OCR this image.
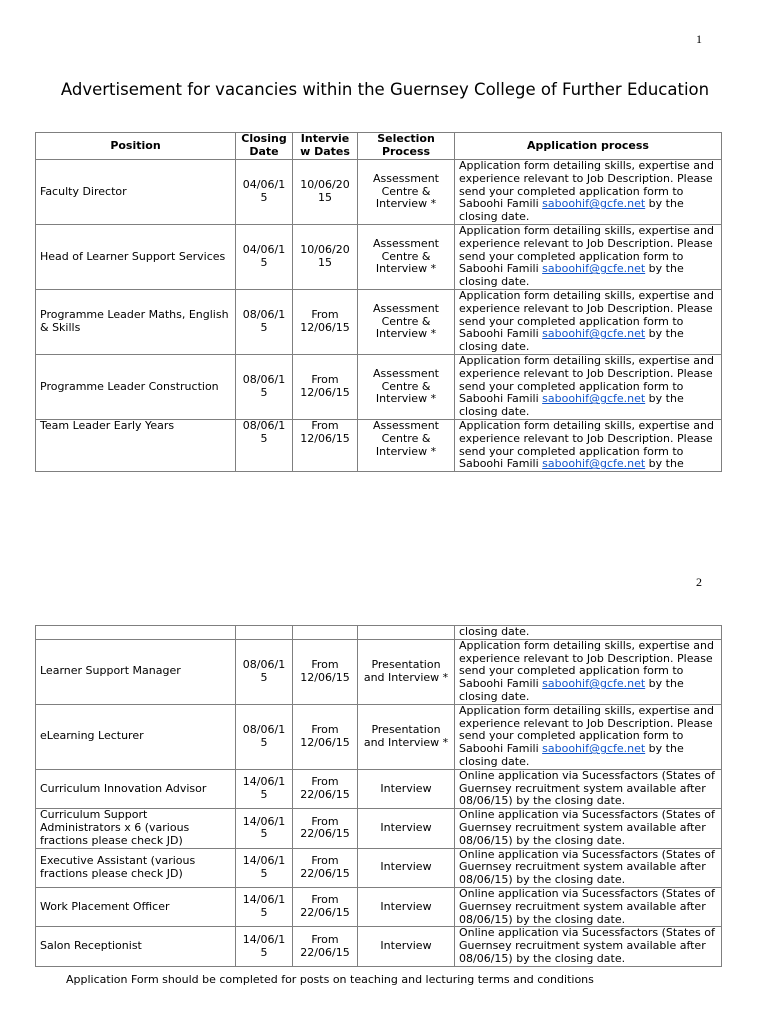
1
Advertisement for vacancies within the Guernsey College of Further Education
Position	Closing Date	Intervie w Dates	Selection Process	Application process
Faculty Director	04/06/1 5	10/06/20 15	Assessment Centre & Interview *	Application form detailing skills, expertise and experience relevant to Job Description. Please send your completed application form to Saboohi Famili saboohif@gcfe.net by the closing date.
Head of Learner Support Services	04/06/1 5	10/06/20 15	Assessment Centre & Interview *	Application form detailing skills, expertise and experience relevant to Job Description. Please send your completed application form to Saboohi Famili saboohif@gcfe.net by the closing date.
Programme Leader Maths, English & Skills	08/06/1 5	From 12/06/15	Assessment Centre & Interview *	Application form detailing skills, expertise and experience relevant to Job Description. Please send your completed application form to Saboohi Famili saboohif@gcfe.net by the closing date.
Programme Leader Construction	08/06/1 5	From 12/06/15	Assessment Centre & Interview *	Application form detailing skills, expertise and experience relevant to Job Description. Please send your completed application form to Saboohi Famili saboohif@gcfe.net by the closing date.
Team Leader Early Years	08/06/1 5	From 12/06/15	Assessment Centre & Interview *	Application form detailing skills, expertise and experience relevant to Job Description. Please send your completed application form to Saboohi Famili saboohif@gcfe.net by the
2
				closing date.
Learner Support Manager	08/06/1 5	From 12/06/15	Presentation and Interview *	Application form detailing skills, expertise and experience relevant to Job Description. Please send your completed application form to Saboohi Famili saboohif@gcfe.net by the closing date.
eLearning Lecturer	08/06/1 5	From 12/06/15	Presentation and Interview *	Application form detailing skills, expertise and experience relevant to Job Description. Please send your completed application form to Saboohi Famili saboohif@gcfe.net by the closing date.
Curriculum Innovation Advisor	14/06/1 5	From 22/06/15	Interview	Online application via Sucessfactors (States of Guernsey recruitment system available after 08/06/15) by the closing date.
Curriculum Support Administrators x 6 (various fractions please check JD)	14/06/1 5	From 22/06/15	Interview	Online application via Sucessfactors (States of Guernsey recruitment system available after 08/06/15) by the closing date.
Executive Assistant (various fractions please check JD)	14/06/1 5	From 22/06/15	Interview	Online application via Sucessfactors (States of Guernsey recruitment system available after 08/06/15) by the closing date.
Work Placement Officer	14/06/1 5	From 22/06/15	Interview	Online application via Sucessfactors (States of Guernsey recruitment system available after 08/06/15) by the closing date.
Salon Receptionist	14/06/1 5	From 22/06/15	Interview	Online application via Sucessfactors (States of Guernsey recruitment system available after 08/06/15) by the closing date.
Application Form should be completed for posts on teaching and lecturing terms and conditions
